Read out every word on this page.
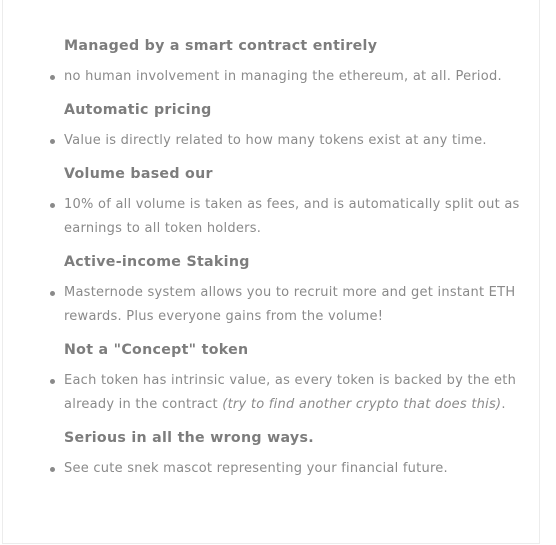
Managed by a smart contract entirely
no human involvement in managing the ethereum, at all. Period.
Automatic pricing
Value is directly related to how many tokens exist at any time.
Volume based our
10% of all volume is taken as fees, and is automatically split out as earnings to all token holders.
Active-income Staking
Masternode system allows you to recruit more and get instant ETH rewards. Plus everyone gains from the volume!
Not a "Concept" token
Each token has intrinsic value, as every token is backed by the eth already in the contract (try to find another crypto that does this).
Serious in all the wrong ways.
See cute snek mascot representing your financial future.
